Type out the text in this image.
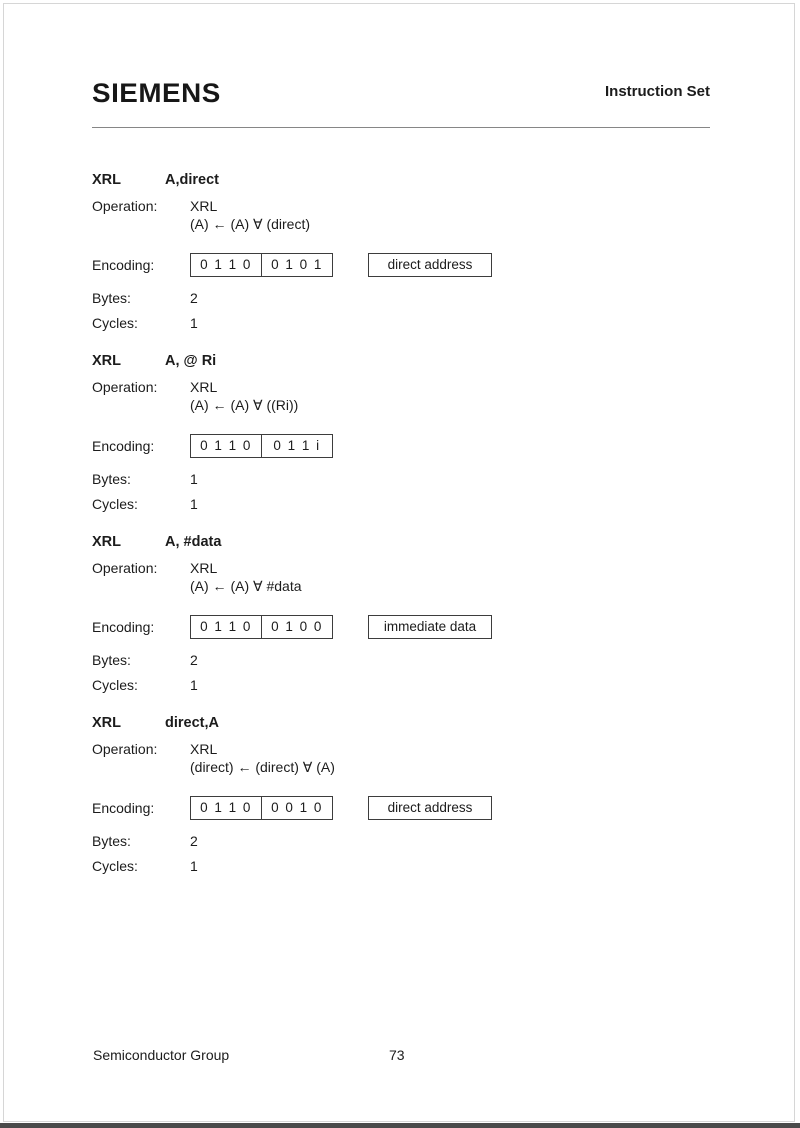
SIEMENS	Instruction Set
XRL	A,direct
Operation:	XRL
(A) ← (A) ∀ (direct)
Encoding:	0 1 1 0	0 1 0 1	direct address
Bytes:	2
Cycles:	1
XRL	A, @ Ri
Operation:	XRL
(A) ← (A) ∀ ((Ri))
Encoding:	0 1 1 0	0 1 1 i
Bytes:	1
Cycles:	1
XRL	A, #data
Operation:	XRL
(A) ← (A) ∀ #data
Encoding:	0 1 1 0	0 1 0 0	immediate data
Bytes:	2
Cycles:	1
XRL	direct,A
Operation:	XRL
(direct) ← (direct) ∀ (A)
Encoding:	0 1 1 0	0 0 1 0	direct address
Bytes:	2
Cycles:	1
Semiconductor Group	73
